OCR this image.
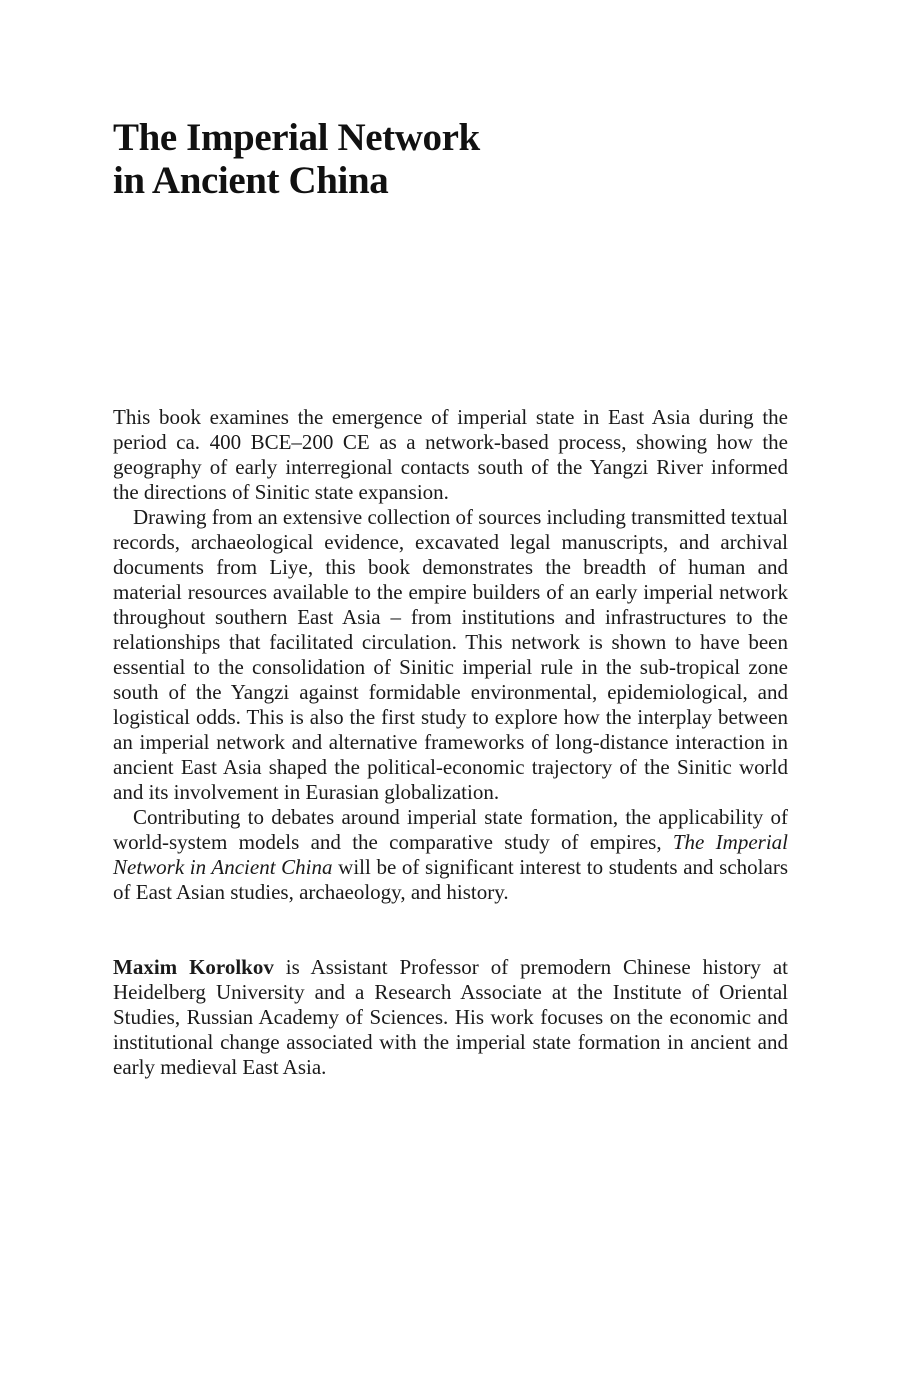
The Imperial Network
in Ancient China

This book examines the emergence of imperial state in East Asia during the period ca. 400 BCE–200 CE as a network-based process, showing how the geography of early interregional contacts south of the Yangzi River informed the directions of Sinitic state expansion.

Drawing from an extensive collection of sources including transmitted textual records, archaeological evidence, excavated legal manuscripts, and archival documents from Liye, this book demonstrates the breadth of human and material resources available to the empire builders of an early imperial network throughout southern East Asia – from institutions and infrastructures to the relationships that facilitated circulation. This network is shown to have been essential to the consolidation of Sinitic imperial rule in the sub-tropical zone south of the Yangzi against formidable environmental, epidemiological, and logistical odds. This is also the first study to explore how the interplay between an imperial network and alternative frameworks of long-distance interaction in ancient East Asia shaped the political-economic trajectory of the Sinitic world and its involvement in Eurasian globalization.

Contributing to debates around imperial state formation, the applicability of world-system models and the comparative study of empires, The Imperial Network in Ancient China will be of significant interest to students and scholars of East Asian studies, archaeology, and history.

Maxim Korolkov is Assistant Professor of premodern Chinese history at Heidelberg University and a Research Associate at the Institute of Oriental Studies, Russian Academy of Sciences. His work focuses on the economic and institutional change associated with the imperial state formation in ancient and early medieval East Asia.
